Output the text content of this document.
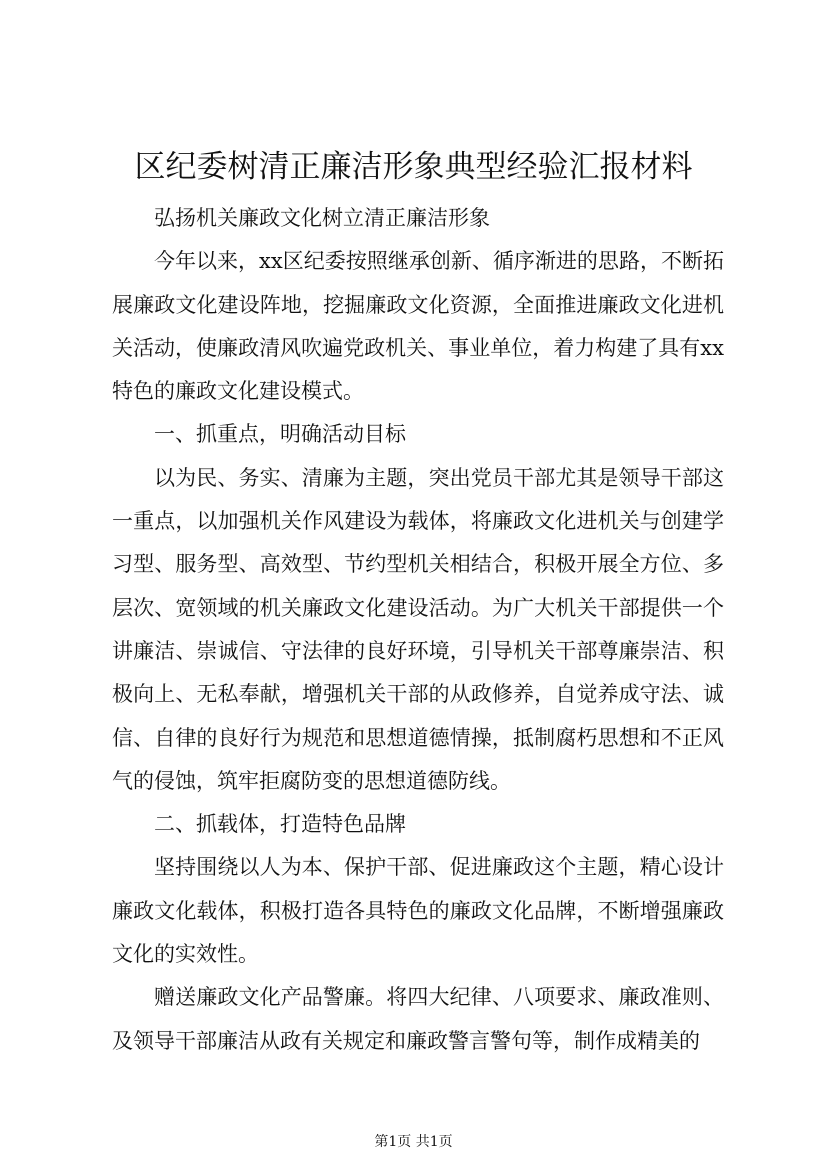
区纪委树清正廉洁形象典型经验汇报材料

弘扬机关廉政文化树立清正廉洁形象

今年以来，xx区纪委按照继承创新、循序渐进的思路，不断拓展廉政文化建设阵地，挖掘廉政文化资源，全面推进廉政文化进机关活动，使廉政清风吹遍党政机关、事业单位，着力构建了具有xx特色的廉政文化建设模式。

一、抓重点，明确活动目标

以为民、务实、清廉为主题，突出党员干部尤其是领导干部这一重点，以加强机关作风建设为载体，将廉政文化进机关与创建学习型、服务型、高效型、节约型机关相结合，积极开展全方位、多层次、宽领域的机关廉政文化建设活动。为广大机关干部提供一个讲廉洁、崇诚信、守法律的良好环境，引导机关干部尊廉崇洁、积极向上、无私奉献，增强机关干部的从政修养，自觉养成守法、诚信、自律的良好行为规范和思想道德情操，抵制腐朽思想和不正风气的侵蚀，筑牢拒腐防变的思想道德防线。

二、抓载体，打造特色品牌

坚持围绕以人为本、保护干部、促进廉政这个主题，精心设计廉政文化载体，积极打造各具特色的廉政文化品牌，不断增强廉政文化的实效性。

赠送廉政文化产品警廉。将四大纪律、八项要求、廉政准则、及领导干部廉洁从政有关规定和廉政警言警句等，制作成精美的

第1页 共1页
